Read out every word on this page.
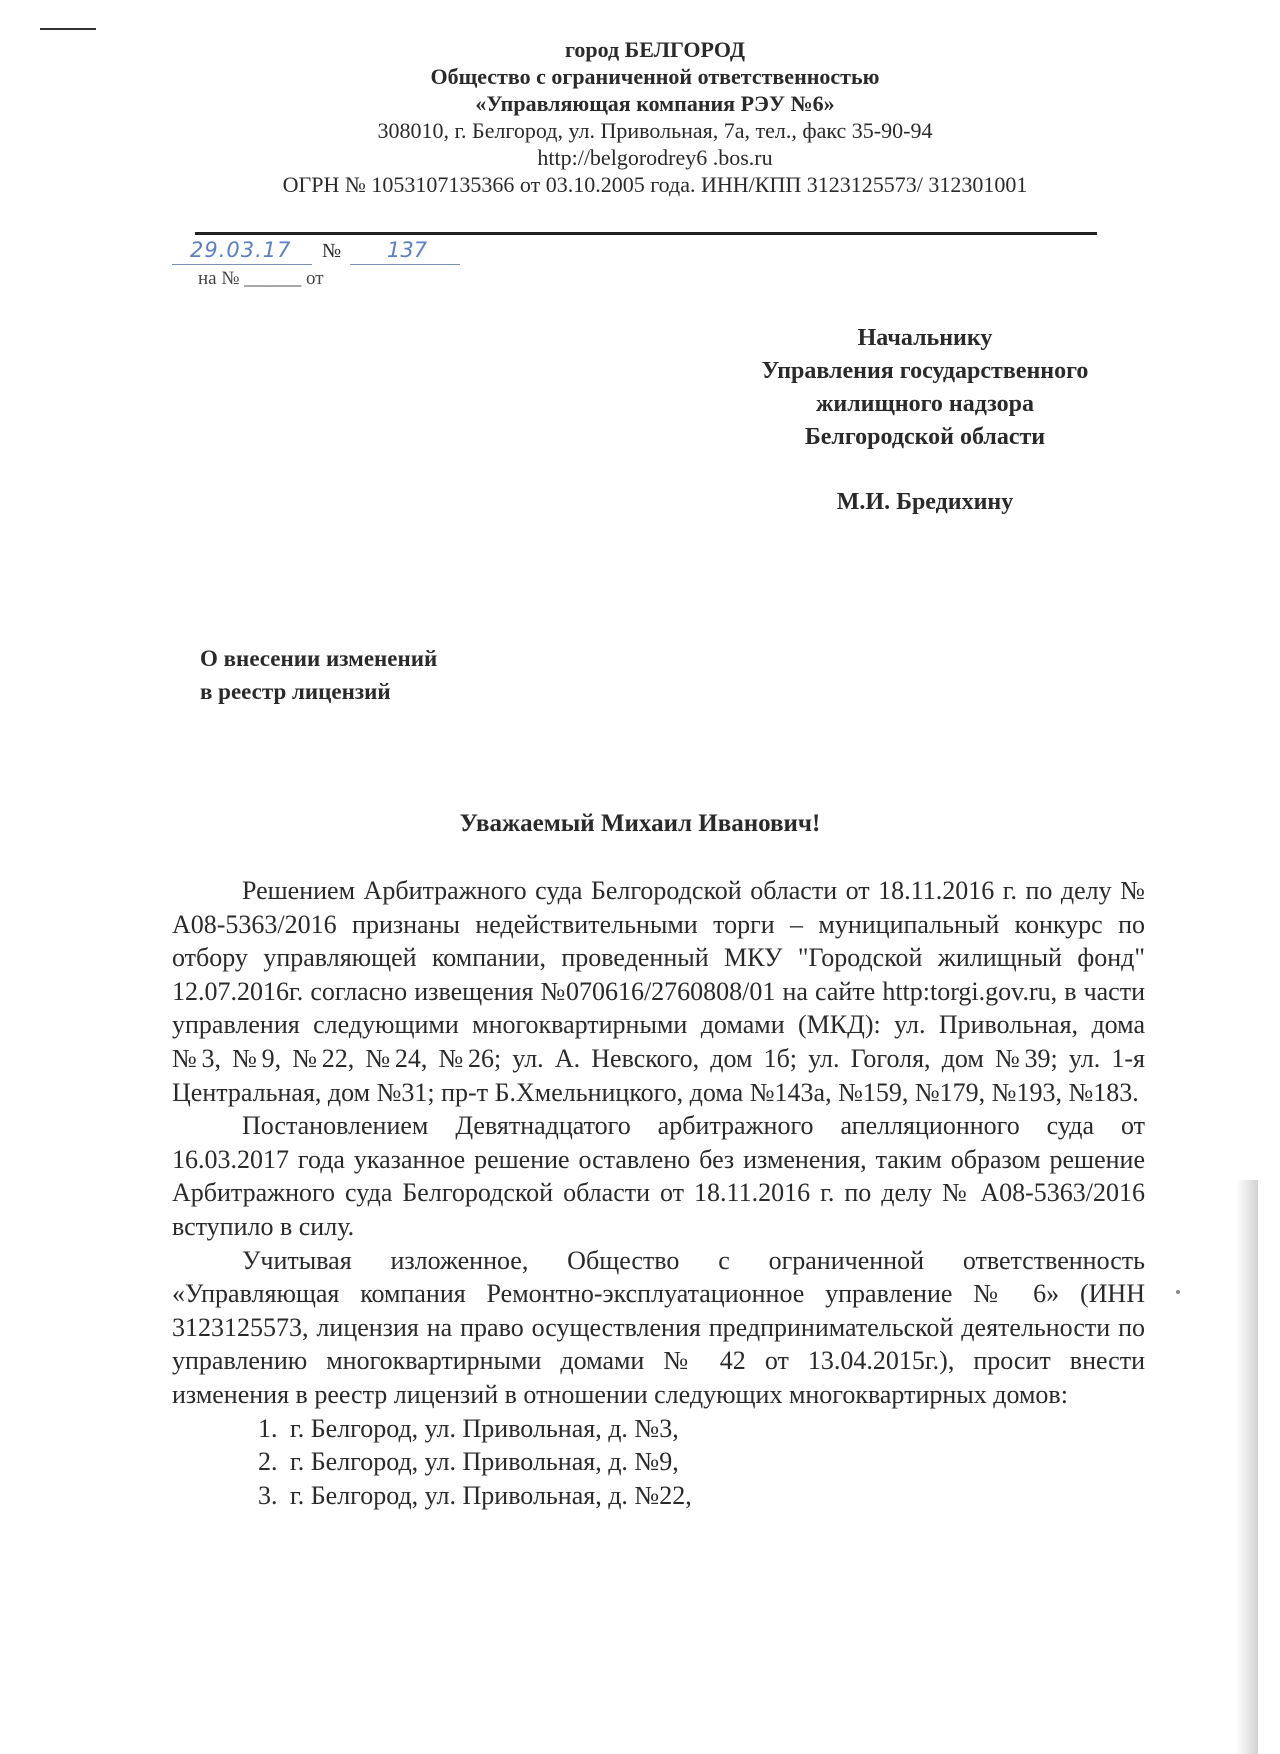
город БЕЛГОРОД
Общество с ограниченной ответственностью
«Управляющая компания РЭУ №6»
308010, г. Белгород, ул. Привольная, 7а, тел., факс 35-90-94
http://belgorodrey6 .bos.ru
ОГРН № 1053107135366 от 03.10.2005 года. ИНН/КПП 3123125573/ 312301001
29.03.17 № 137
на № ______ от
Начальнику
Управления государственного
жилищного надзора
Белгородской области
М.И. Бредихину
О внесении изменений
в реестр лицензий
Уважаемый Михаил Иванович!

Решением Арбитражного суда Белгородской области от 18.11.2016 г. по делу № А08-5363/2016 признаны недействительными торги – муниципальный конкурс по отбору управляющей компании, проведенный МКУ "Городской жилищный фонд" 12.07.2016г. согласно извещения №070616/2760808/01 на сайте http:torgi.gov.ru, в части управления следующими многоквартирными домами (МКД): ул. Привольная, дома №3, №9, №22, №24, №26; ул. А. Невского, дом 1б; ул. Гоголя, дом №39; ул. 1-я Центральная, дом №31; пр-т Б.Хмельницкого, дома №143а, №159, №179, №193, №183.

Постановлением Девятнадцатого арбитражного апелляционного суда от 16.03.2017 года указанное решение оставлено без изменения, таким образом решение Арбитражного суда Белгородской области от 18.11.2016 г. по делу № А08-5363/2016 вступило в силу.

Учитывая изложенное, Общество с ограниченной ответственность «Управляющая компания Ремонтно-эксплуатационное управление № 6» (ИНН 3123125573, лицензия на право осуществления предпринимательской деятельности по управлению многоквартирными домами № 42 от 13.04.2015г.), просит внести изменения в реестр лицензий в отношении следующих многоквартирных домов:

1. г. Белгород, ул. Привольная, д. №3,
2. г. Белгород, ул. Привольная, д. №9,
3. г. Белгород, ул. Привольная, д. №22,
